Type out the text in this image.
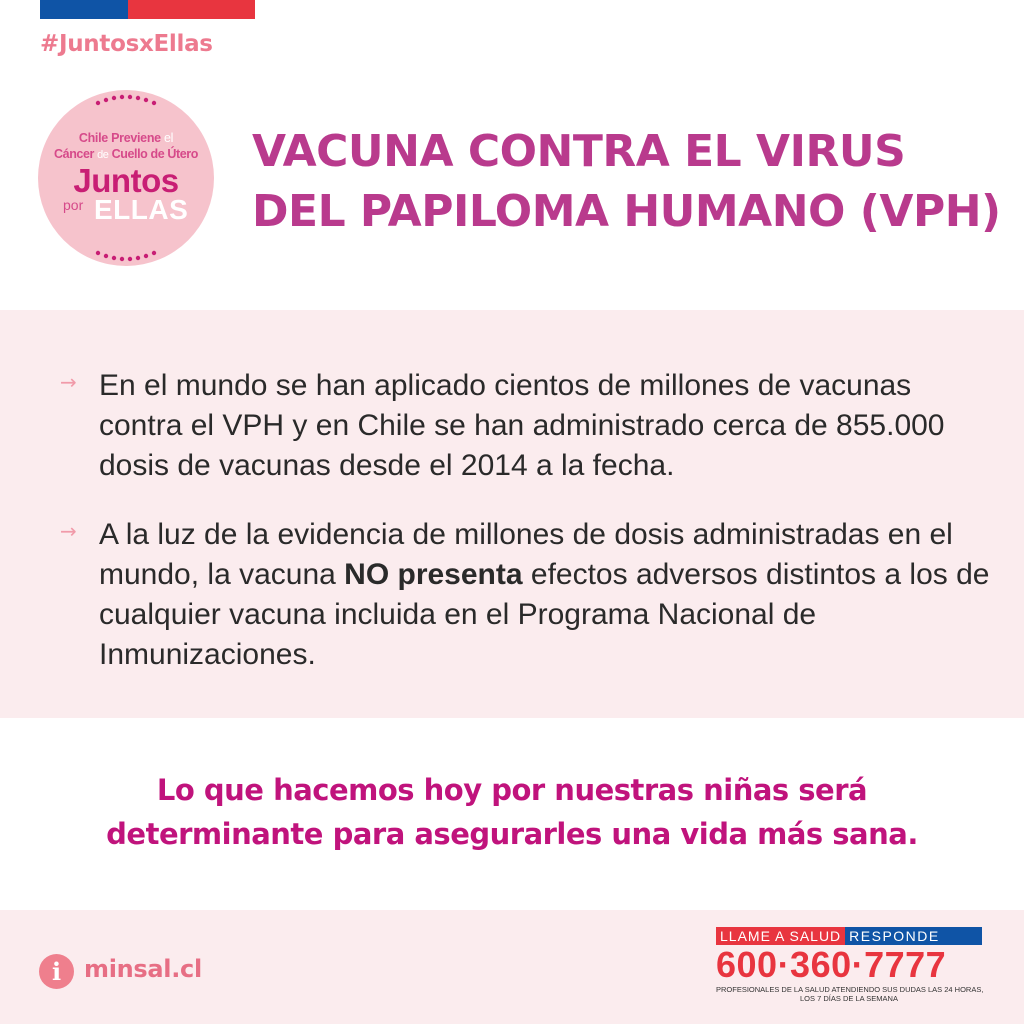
#JuntosxEllas
Chile Previene el
Cáncer de Cuello de Útero
Juntos
por ELLAS
VACUNA CONTRA EL VIRUS
DEL PAPILOMA HUMANO (VPH)
→ En el mundo se han aplicado cientos de millones de vacunas contra el VPH y en Chile se han administrado cerca de 855.000 dosis de vacunas desde el 2014 a la fecha.
→ A la luz de la evidencia de millones de dosis administradas en el mundo, la vacuna NO presenta efectos adversos distintos a los de cualquier vacuna incluida en el Programa Nacional de Inmunizaciones.
Lo que hacemos hoy por nuestras niñas será
determinante para asegurarles una vida más sana.
i minsal.cl
LLAME A SALUD RESPONDE
600·360·7777
PROFESIONALES DE LA SALUD ATENDIENDO SUS DUDAS LAS 24 HORAS,
LOS 7 DÍAS DE LA SEMANA
